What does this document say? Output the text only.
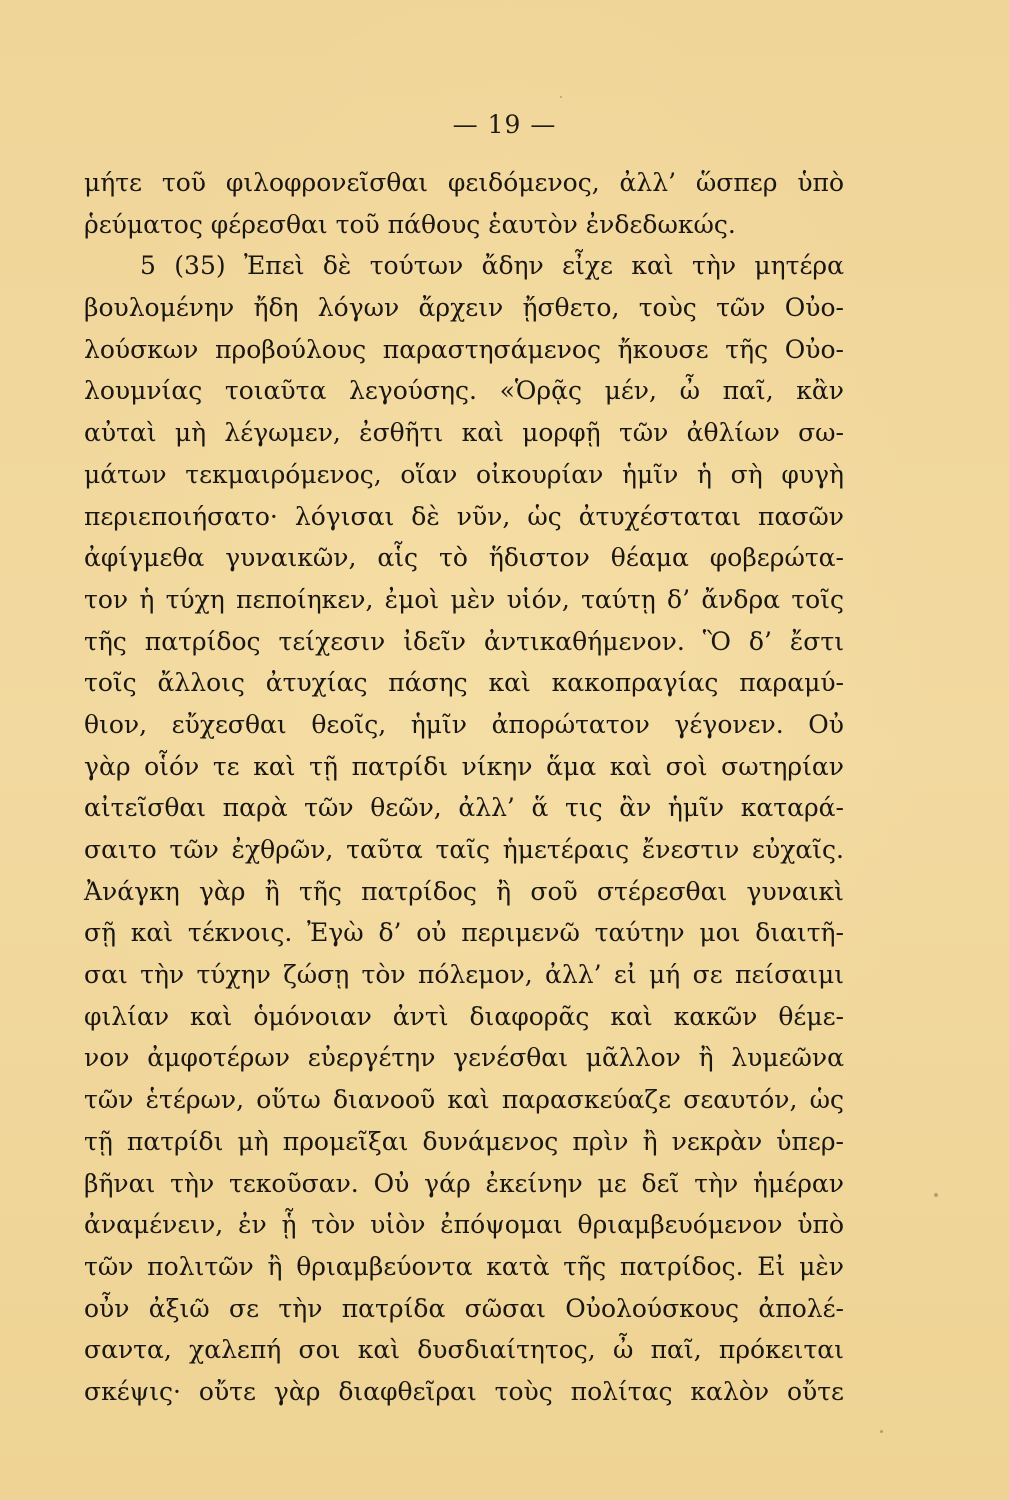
— 19 —
μήτε τοῦ φιλοφρονεῖσθαι φειδόμενος, ἀλλ’ ὥσπερ ὑπὸ
ῥεύματος φέρεσθαι τοῦ πάθους ἑαυτὸν ἐνδεδωκώς.
5 (35) Ἐπεὶ δὲ τούτων ἄδην εἶχε καὶ τὴν μητέρα
βουλομένην ἤδη λόγων ἄρχειν ᾔσθετο, τοὺς τῶν Οὐο-
λούσκων προβούλους παραστησάμενος ἤκουσε τῆς Οὐο-
λουμνίας τοιαῦτα λεγούσης. «Ὁρᾷς μέν, ὦ παῖ, κἂν
αὐταὶ μὴ λέγωμεν, ἐσθῆτι καὶ μορφῇ τῶν ἀθλίων σω-
μάτων τεκμαιρόμενος, οἵαν οἰκουρίαν ἡμῖν ἡ σὴ φυγὴ
περιεποιήσατο· λόγισαι δὲ νῦν, ὡς ἀτυχέσταται πασῶν
ἀφίγμεθα γυναικῶν, αἷς τὸ ἥδιστον θέαμα φοβερώτα-
τον ἡ τύχη πεποίηκεν, ἐμοὶ μὲν υἱόν, ταύτῃ δ’ ἄνδρα τοῖς
τῆς πατρίδος τείχεσιν ἰδεῖν ἀντικαθήμενον. Ὃ δ’ ἔστι
τοῖς ἄλλοις ἀτυχίας πάσης καὶ κακοπραγίας παραμύ-
θιον, εὔχεσθαι θεοῖς, ἡμῖν ἀπορώτατον γέγονεν. Οὐ
γὰρ οἷόν τε καὶ τῇ πατρίδι νίκην ἅμα καὶ σοὶ σωτηρίαν
αἰτεῖσθαι παρὰ τῶν θεῶν, ἀλλ’ ἅ τις ἂν ἡμῖν καταρά-
σαιτο τῶν ἐχθρῶν, ταῦτα ταῖς ἡμετέραις ἔνεστιν εὐχαῖς.
Ἀνάγκη γὰρ ἢ τῆς πατρίδος ἢ σοῦ στέρεσθαι γυναικὶ
σῇ καὶ τέκνοις. Ἐγὼ δ’ οὐ περιμενῶ ταύτην μοι διαιτῆ-
σαι τὴν τύχην ζώσῃ τὸν πόλεμον, ἀλλ’ εἰ μή σε πείσαιμι
φιλίαν καὶ ὁμόνοιαν ἀντὶ διαφορᾶς καὶ κακῶν θέμε-
νον ἀμφοτέρων εὐεργέτην γενέσθαι μᾶλλον ἢ λυμεῶνα
τῶν ἑτέρων, οὕτω διανοοῦ καὶ παρασκεύαζε σεαυτόν, ὡς
τῇ πατρίδι μὴ προμεῖξαι δυνάμενος πρὶν ἢ νεκρὰν ὑπερ-
βῆναι τὴν τεκοῦσαν. Οὐ γάρ ἐκείνην με δεῖ τὴν ἡμέραν
ἀναμένειν, ἐν ᾗ τὸν υἱὸν ἐπόψομαι θριαμβευόμενον ὑπὸ
τῶν πολιτῶν ἢ θριαμβεύοντα κατὰ τῆς πατρίδος. Εἰ μὲν
οὖν ἀξιῶ σε τὴν πατρίδα σῶσαι Οὐολούσκους ἀπολέ-
σαντα, χαλεπή σοι καὶ δυσδιαίτητος, ὦ παῖ, πρόκειται
σκέψις· οὔτε γὰρ διαφθεῖραι τοὺς πολίτας καλὸν οὔτε
